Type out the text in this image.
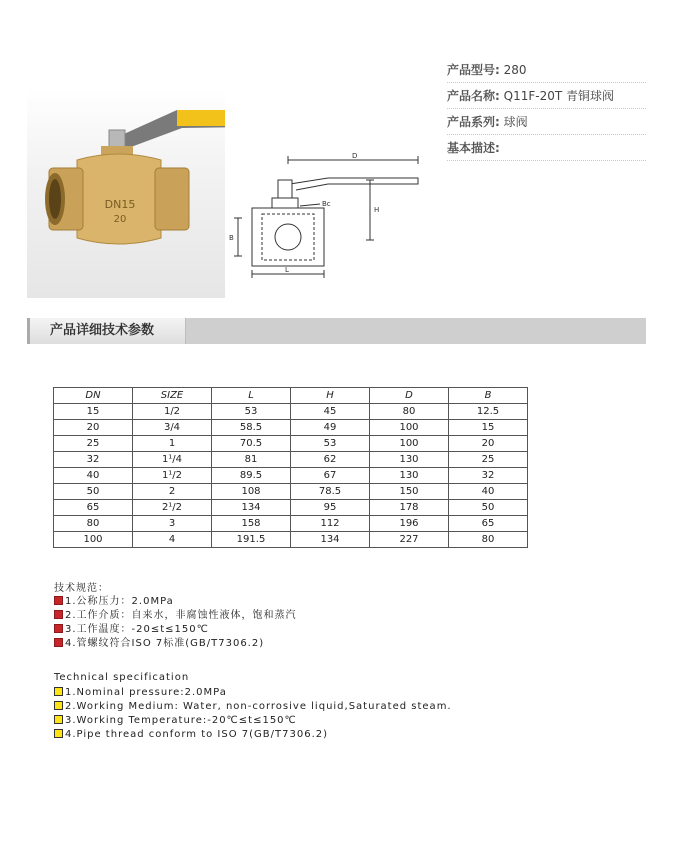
DN15
20
D
H
Bc
B
L
产品型号: 280
产品名称: Q11F-20T 青铜球阀
产品系列: 球阀
基本描述:
产品详细技术参数
DN	SIZE	L	H	D	B
15	1/2	53	45	80	12.5
20	3/4	58.5	49	100	15
25	1	70.5	53	100	20
32	1¹/4	81	62	130	25
40	1¹/2	89.5	67	130	32
50	2	108	78.5	150	40
65	2¹/2	134	95	178	50
80	3	158	112	196	65
100	4	191.5	134	227	80
技术规范：
1.公称压力：2.0MPa
2.工作介质：自来水，非腐蚀性液体，饱和蒸汽
3.工作温度：-20≤t≤150℃
4.管螺纹符合ISO 7标准(GB/T7306.2)
Technical specification
1.Nominal pressure:2.0MPa
2.Working Medium: Water, non-corrosive liquid,Saturated steam.
3.Working Temperature:-20℃≤t≤150℃
4.Pipe thread conform to ISO 7(GB/T7306.2)
